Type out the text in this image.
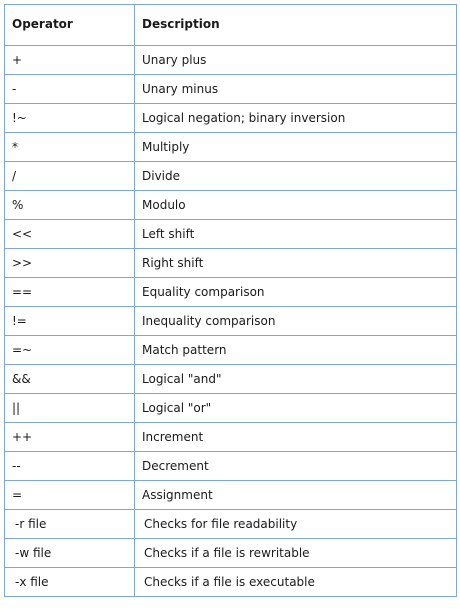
Operator	Description
+	Unary plus
-	Unary minus
!~	Logical negation; binary inversion
*	Multiply
/	Divide
%	Modulo
<<	Left shift
>>	Right shift
==	Equality comparison
!=	Inequality comparison
=~	Match pattern
&&	Logical "and"
||	Logical "or"
++	Increment
--	Decrement
=	Assignment
-r file	Checks for file readability
-w file	Checks if a file is rewritable
-x file	Checks if a file is executable
